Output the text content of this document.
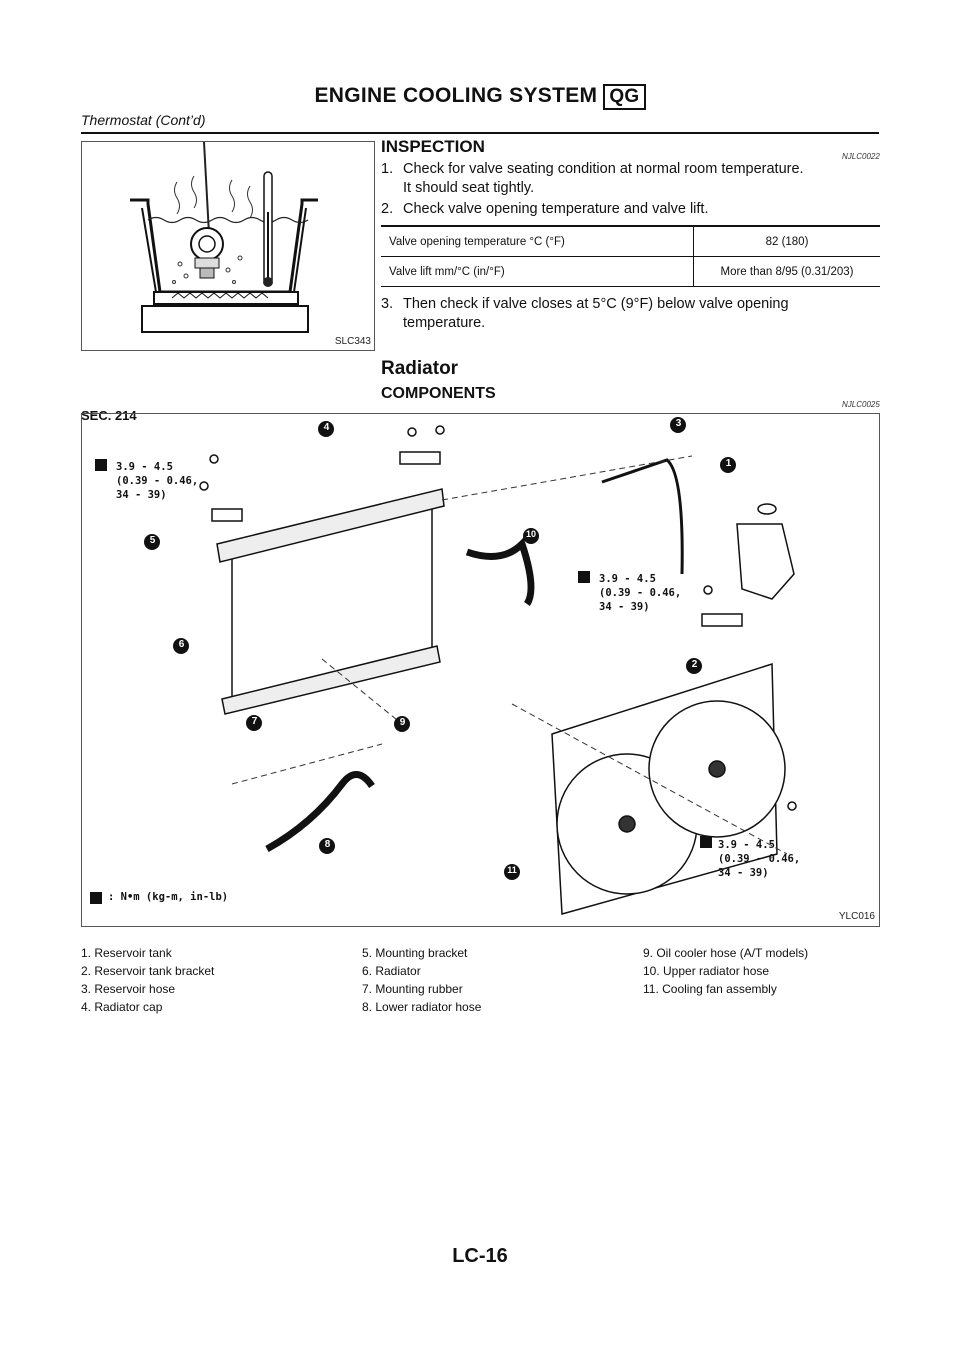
ENGINE COOLING SYSTEM QG
Thermostat (Cont’d)
SLC343
INSPECTION
NJLC0022
1. Check for valve seating condition at normal room temperature.
It should seat tightly.
2. Check valve opening temperature and valve lift.
Valve opening temperature °C (°F)	82 (180)
Valve lift mm/°C (in/°F)	More than 8/95 (0.31/203)
3. Then check if valve closes at 5°C (9°F) below valve opening
temperature.
Radiator
COMPONENTS
NJLC0025
SEC. 214
3.9 - 4.5
(0.39 - 0.46,
34 - 39)
3.9 - 4.5
(0.39 - 0.46,
34 - 39)
3.9 - 4.5
(0.39 - 0.46,
34 - 39)
: N•m (kg-m, in-lb)
1
2
3
4
5
6
7
8
9
10
11
YLC016
1. Reservoir tank
2. Reservoir tank bracket
3. Reservoir hose
4. Radiator cap
5. Mounting bracket
6. Radiator
7. Mounting rubber
8. Lower radiator hose
9. Oil cooler hose (A/T models)
10. Upper radiator hose
11. Cooling fan assembly
LC-16
